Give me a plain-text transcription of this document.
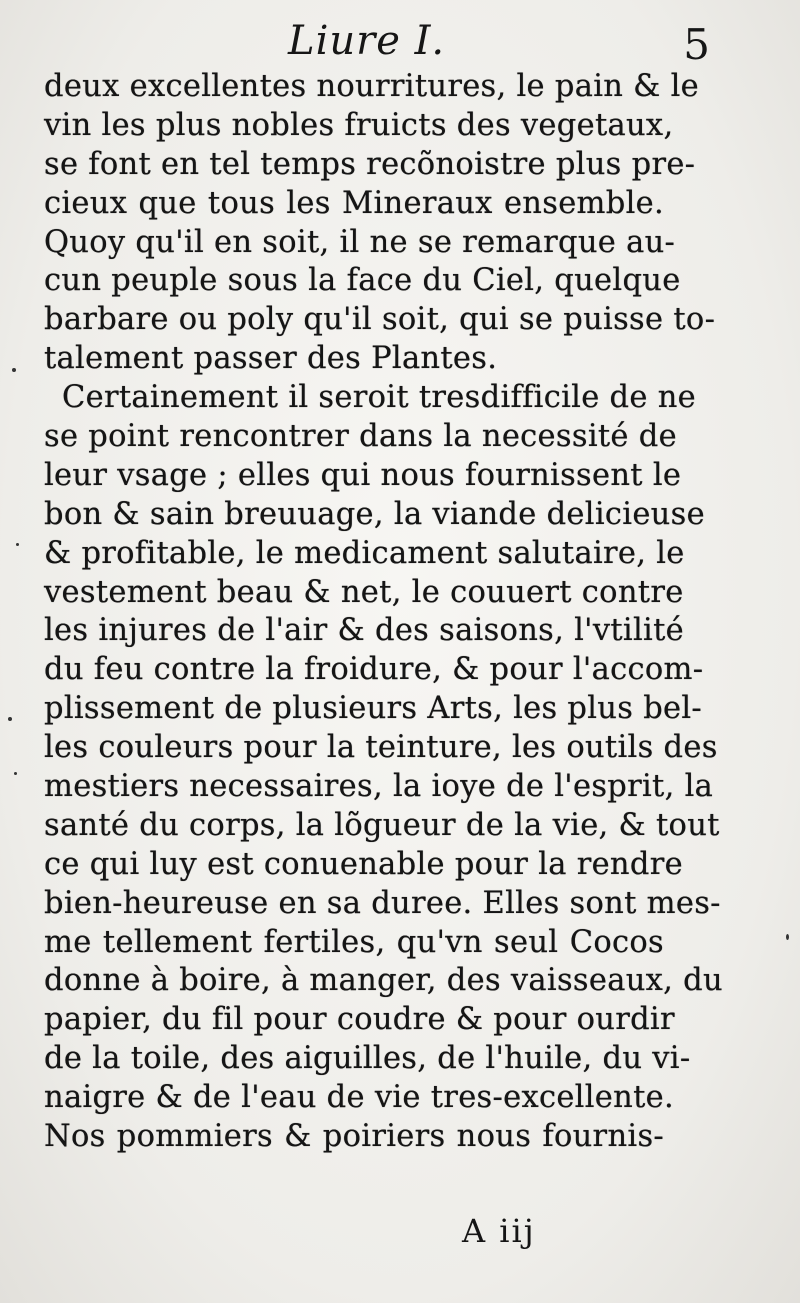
Liure I.	5
deux excellentes nourritures, le pain & le
vin les plus nobles fruicts des vegetaux,
se font en tel temps recõnoistre plus pre-
cieux que tous les Mineraux ensemble.
Quoy qu'il en soit, il ne se remarque au-
cun peuple sous la face du Ciel, quelque
barbare ou poly qu'il soit, qui se puisse to-
talement passer des Plantes.
Certainement il seroit tresdifficile de ne
se point rencontrer dans la necessité de
leur vsage ; elles qui nous fournissent le
bon & sain breuuage, la viande delicieuse
& profitable, le medicament salutaire, le
vestement beau & net, le couuert contre
les injures de l'air & des saisons, l'vtilité
du feu contre la froidure, & pour l'accom-
plissement de plusieurs Arts, les plus bel-
les couleurs pour la teinture, les outils des
mestiers necessaires, la ioye de l'esprit, la
santé du corps, la lõgueur de la vie, & tout
ce qui luy est conuenable pour la rendre
bien-heureuse en sa duree. Elles sont mes-
me tellement fertiles, qu'vn seul Cocos
donne à boire, à manger, des vaisseaux, du
papier, du fil pour coudre & pour ourdir
de la toile, des aiguilles, de l'huile, du vi-
naigre & de l'eau de vie tres-excellente.
Nos pommiers & poiriers nous fournis-
A iij
